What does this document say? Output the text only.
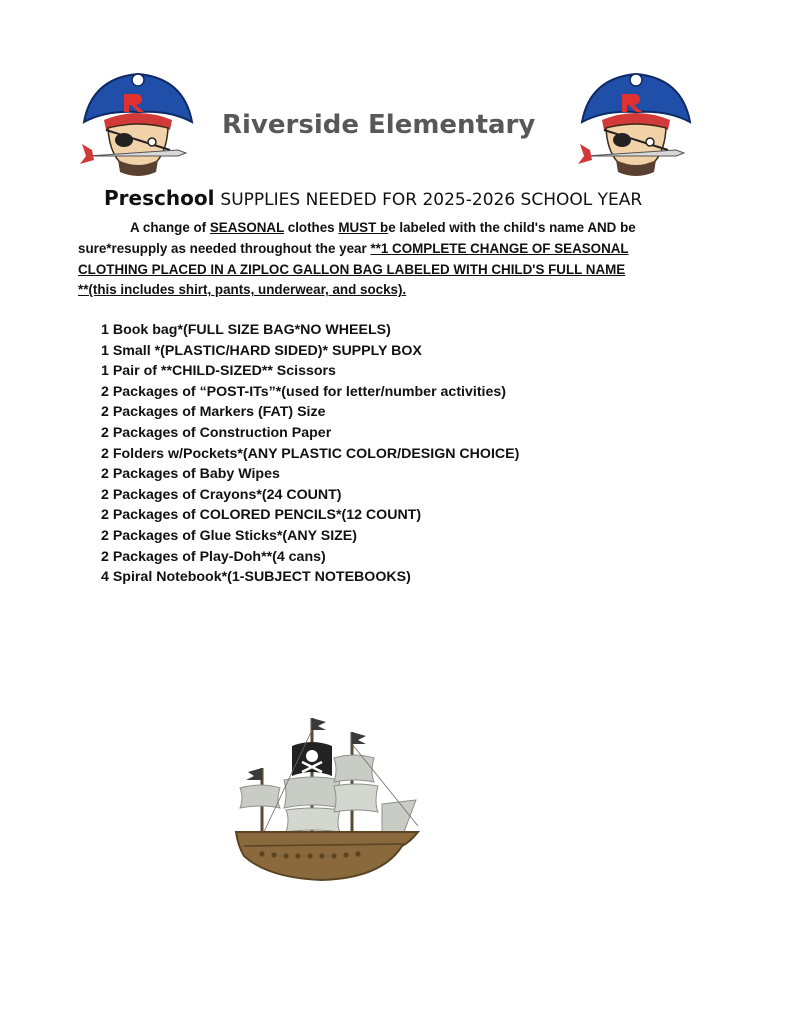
Riverside Elementary
Preschool SUPPLIES NEEDED FOR 2025-2026 SCHOOL YEAR

A change of SEASONAL clothes MUST be labeled with the child's name AND be

sure*resupply as needed throughout the year **1 COMPLETE CHANGE OF SEASONAL

CLOTHING PLACED IN A ZIPLOC GALLON BAG LABELED WITH CHILD'S FULL NAME

**(this includes shirt, pants, underwear, and socks).

1 Book bag*(FULL SIZE BAG*NO WHEELS)
1 Small *(PLASTIC/HARD SIDED)* SUPPLY BOX
1 Pair of **CHILD-SIZED** Scissors
2 Packages of “POST-ITs”*(used for letter/number activities)
2 Packages of Markers (FAT) Size
2 Packages of Construction Paper
2 Folders w/Pockets*(ANY PLASTIC COLOR/DESIGN CHOICE)
2 Packages of Baby Wipes
2 Packages of Crayons*(24 COUNT)
2 Packages of COLORED PENCILS*(12 COUNT)
2 Packages of Glue Sticks*(ANY SIZE)
2 Packages of Play-Doh**(4 cans)
4 Spiral Notebook*(1-SUBJECT NOTEBOOKS)
